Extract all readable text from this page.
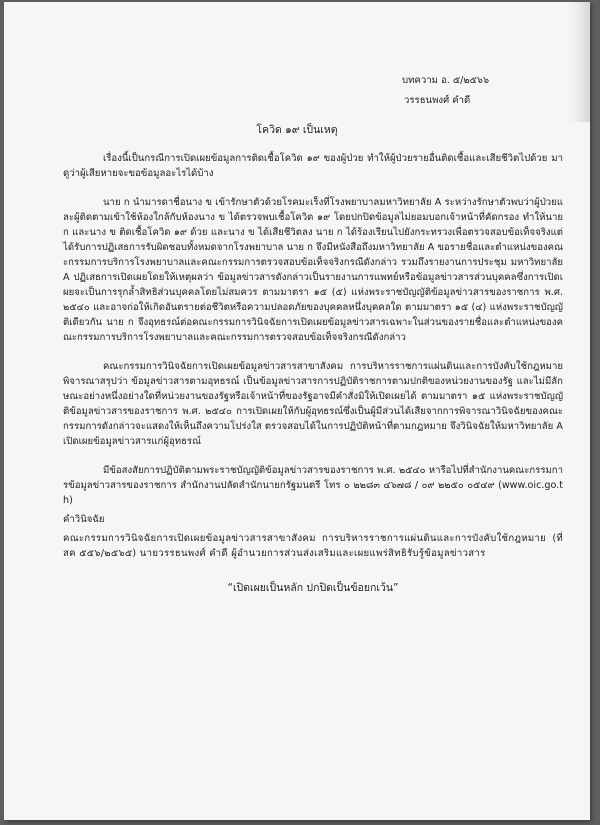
บทความ อ. ๕/๒๕๖๖
วรรธนพงศ์ คำดี
โควิด ๑๙ เป็นเหตุ

เรื่องนี้เป็นกรณีการเปิดเผยข้อมูลการติดเชื้อโควิด ๑๙ ของผู้ป่วย ทำให้ผู้ป่วยรายอื่นติดเชื้อและเสียชีวิตไปด้วย มาดูว่าผู้เสียหายจะขอข้อมูลอะไรได้บ้าง

นาย ก นำมารดาชื่อนาง ข เข้ารักษาตัวด้วยโรคมะเร็งที่โรงพยาบาลมหาวิทยาลัย A ระหว่างรักษาตัวพบว่าผู้ป่วยและผู้ติดตามเข้าใช้ห้องใกล้กับห้องนาง ข ได้ตรวจพบเชื้อโควิด ๑๙ โดยปกปิดข้อมูลไม่ยอมบอกเจ้าหน้าที่คัดกรอง ทำให้นาย ก และนาง ข ติดเชื้อโควิด ๑๙ ด้วย และนาง ข ได้เสียชีวิตลง นาย ก ได้ร้องเรียนไปยังกระทรวงเพื่อตรวจสอบข้อเท็จจริงแต่ได้รับการปฏิเสธการรับผิดชอบทั้งหมดจากโรงพยาบาล นาย ก จึงมีหนังสือถึงมหาวิทยาลัย A ขอรายชื่อและตำแหน่งของคณะกรรมการบริการโรงพยาบาลและคณะกรรมการตรวจสอบข้อเท็จจริงกรณีดังกล่าว รวมถึงรายงานการประชุม มหาวิทยาลัย A ปฏิเสธการเปิดเผยโดยให้เหตุผลว่า ข้อมูลข่าวสารดังกล่าวเป็นรายงานการแพทย์หรือข้อมูลข่าวสารส่วนบุคคลซึ่งการเปิดเผยจะเป็นการรุกล้ำสิทธิส่วนบุคคลโดยไม่สมควร ตามมาตรา ๑๕ (๕) แห่งพระราชบัญญัติข้อมูลข่าวสารของราชการ พ.ศ. ๒๕๔๐ และอาจก่อให้เกิดอันตรายต่อชีวิตหรือความปลอดภัยของบุคคลหนึ่งบุคคลใด ตามมาตรา ๑๕ (๔) แห่งพระราชบัญญัติเดียวกัน นาย ก จึงอุทธรณ์ต่อคณะกรรมการวินิจฉัยการเปิดเผยข้อมูลข่าวสารเฉพาะในส่วนของรายชื่อและตำแหน่งของคณะกรรมการบริการโรงพยาบาลและคณะกรรมการตรวจสอบข้อเท็จจริงกรณีดังกล่าว

คณะกรรมการวินิจฉัยการเปิดเผยข้อมูลข่าวสารสาขาสังคม การบริหารราชการแผ่นดินและการบังคับใช้กฎหมาย พิจารณาสรุปว่า ข้อมูลข่าวสารตามอุทธรณ์ เป็นข้อมูลข่าวสารการปฏิบัติราชการตามปกติของหน่วยงานของรัฐ และไม่มีลักษณะอย่างหนึ่งอย่างใดที่หน่วยงานของรัฐหรือเจ้าหน้าที่ของรัฐอาจมีคำสั่งมิให้เปิดเผยได้ ตามมาตรา ๑๕ แห่งพระราชบัญญัติข้อมูลข่าวสารของราชการ พ.ศ. ๒๕๔๐ การเปิดเผยให้กับผู้อุทธรณ์ซึ่งเป็นผู้มีส่วนได้เสียจากการพิจารณาวินิจฉัยของคณะกรรมการดังกล่าวจะแสดงให้เห็นถึงความโปร่งใส ตรวจสอบได้ในการปฏิบัติหน้าที่ตามกฎหมาย จึงวินิจฉัยให้มหาวิทยาลัย A เปิดเผยข้อมูลข่าวสารแก่ผู้อุทธรณ์

มีข้อสงสัยการปฏิบัติตามพระราชบัญญัติข้อมูลข่าวสารของราชการ พ.ศ. ๒๕๔๐ หารือไปที่สำนักงานคณะกรรมการข้อมูลข่าวสารของราชการ สำนักงานปลัดสำนักนายกรัฐมนตรี โทร ๐ ๒๒๘๓ ๔๖๗๘ / ๐๙ ๒๒๕๐ ๐๕๔๙ (www.oic.go.th)

คำวินิจฉัย

คณะกรรมการวินิจฉัยการเปิดเผยข้อมูลข่าวสารสาขาสังคม การบริหารราชการแผ่นดินและการบังคับใช้กฎหมาย (ที่ สค ๕๕๖/๒๕๖๕) นายวรรธนพงศ์ คำดี ผู้อำนวยการส่วนส่งเสริมและเผยแพร่สิทธิรับรู้ข้อมูลข่าวสาร

“เปิดเผยเป็นหลัก ปกปิดเป็นข้อยกเว้น”
